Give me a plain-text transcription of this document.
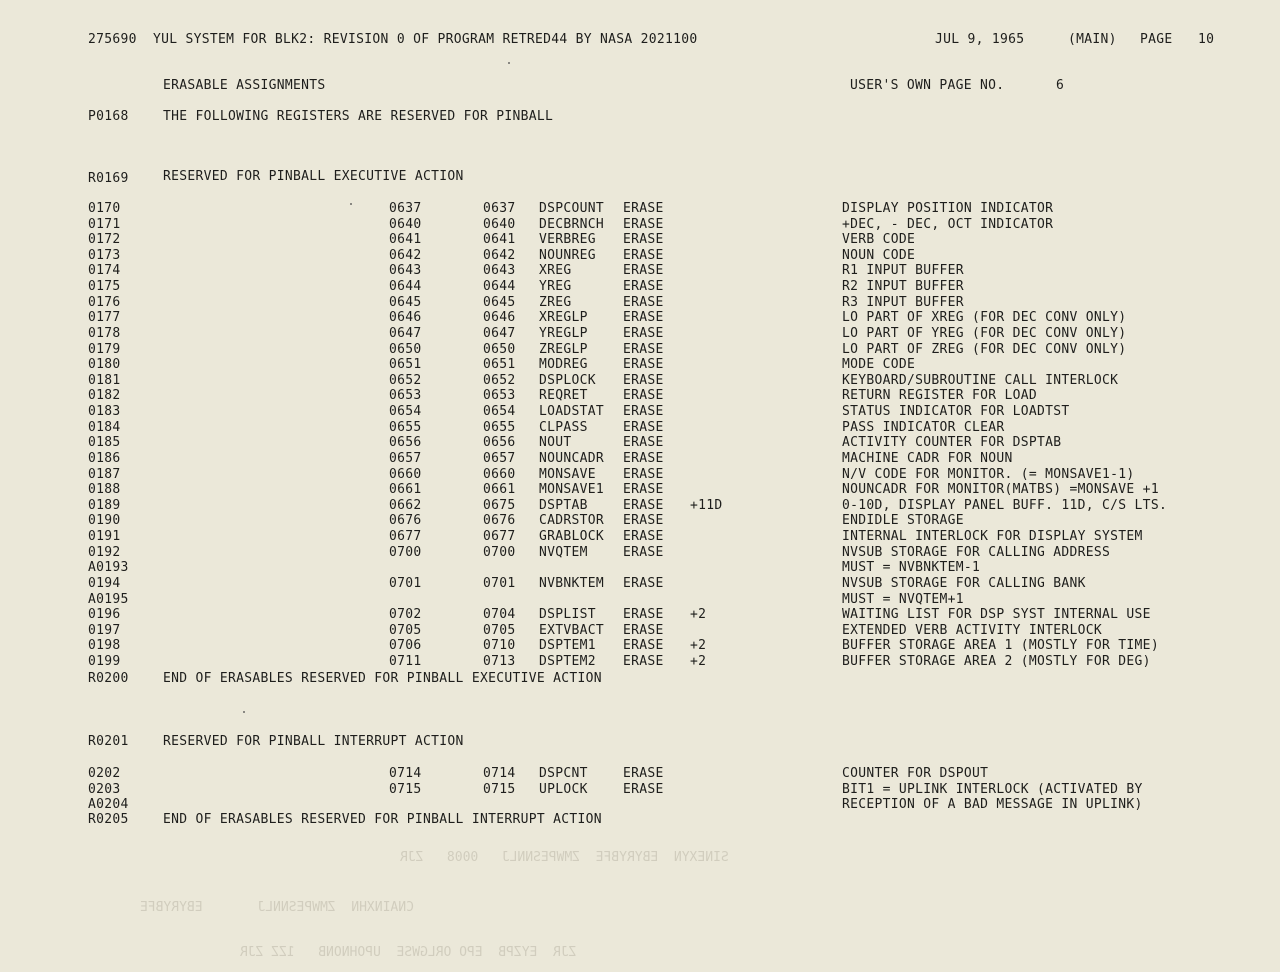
SINEXYN  EBYRYBFE  ZMWPESNNLJ   0008   ZJR
CNAINXHN  ZMWPESNNLJ       EBYRYBFE
ZJR  EYZPB  EPO ORLGWSE  UPOHNONB   1ZZ ZJR
275690  YUL SYSTEM FOR BLK2: REVISION 0 OF PROGRAM RETRED44 BY NASA 2021100	JUL 9, 1965	(MAIN) PAGE 10
ERASABLE ASSIGNMENTS	USER'S OWN PAGE NO.	6
P0168	THE FOLLOWING REGISTERS ARE RESERVED FOR PINBALL
R0169	RESERVED FOR PINBALL EXECUTIVE ACTION
0170	0637	0637 DSPCOUNT ERASE	DISPLAY POSITION INDICATOR
0171	0640	0640 DECBRNCH ERASE	+DEC, - DEC, OCT INDICATOR
0172	0641	0641 VERBREG ERASE	VERB CODE
0173	0642	0642 NOUNREG ERASE	NOUN CODE
0174	0643	0643 XREG	ERASE	R1 INPUT BUFFER
0175	0644	0644 YREG	ERASE	R2 INPUT BUFFER
0176	0645	0645 ZREG	ERASE	R3 INPUT BUFFER
0177	0646	0646 XREGLP	ERASE	LO PART OF XREG (FOR DEC CONV ONLY)
0178	0647	0647 YREGLP	ERASE	LO PART OF YREG (FOR DEC CONV ONLY)
0179	0650	0650 ZREGLP	ERASE	LO PART OF ZREG (FOR DEC CONV ONLY)
0180	0651	0651 MODREG	ERASE	MODE CODE
0181	0652	0652 DSPLOCK ERASE	KEYBOARD/SUBROUTINE CALL INTERLOCK
0182	0653	0653 REQRET	ERASE	RETURN REGISTER FOR LOAD
0183	0654	0654 LOADSTAT ERASE	STATUS INDICATOR FOR LOADTST
0184	0655	0655 CLPASS	ERASE	PASS INDICATOR CLEAR
0185	0656	0656 NOUT	ERASE	ACTIVITY COUNTER FOR DSPTAB
0186	0657	0657 NOUNCADR ERASE	MACHINE CADR FOR NOUN
0187	0660	0660 MONSAVE ERASE	N/V CODE FOR MONITOR. (= MONSAVE1-1)
0188	0661	0661 MONSAVE1 ERASE	NOUNCADR FOR MONITOR(MATBS) =MONSAVE +1
0189	0662	0675 DSPTAB	ERASE +11D	0-10D, DISPLAY PANEL BUFF. 11D, C/S LTS.
0190	0676	0676 CADRSTOR ERASE	ENDIDLE STORAGE
0191	0677	0677 GRABLOCK ERASE	INTERNAL INTERLOCK FOR DISPLAY SYSTEM
0192	0700	0700 NVQTEM	ERASE	NVSUB STORAGE FOR CALLING ADDRESS
A0193	MUST = NVBNKTEM-1
0194	0701	0701 NVBNKTEM ERASE	NVSUB STORAGE FOR CALLING BANK
A0195	MUST = NVQTEM+1
0196	0702	0704 DSPLIST ERASE +2	WAITING LIST FOR DSP SYST INTERNAL USE
0197	0705	0705 EXTVBACT ERASE	EXTENDED VERB ACTIVITY INTERLOCK
0198	0706	0710 DSPTEM1 ERASE +2	BUFFER STORAGE AREA 1 (MOSTLY FOR TIME)
0199	0711	0713 DSPTEM2 ERASE +2	BUFFER STORAGE AREA 2 (MOSTLY FOR DEG)
R0200	END OF ERASABLES RESERVED FOR PINBALL EXECUTIVE ACTION
R0201	RESERVED FOR PINBALL INTERRUPT ACTION
0202	0714	0714 DSPCNT	ERASE	COUNTER FOR DSPOUT
0203	0715	0715 UPLOCK	ERASE	BIT1 = UPLINK INTERLOCK (ACTIVATED BY
A0204	RECEPTION OF A BAD MESSAGE IN UPLINK)
R0205	END OF ERASABLES RESERVED FOR PINBALL INTERRUPT ACTION
